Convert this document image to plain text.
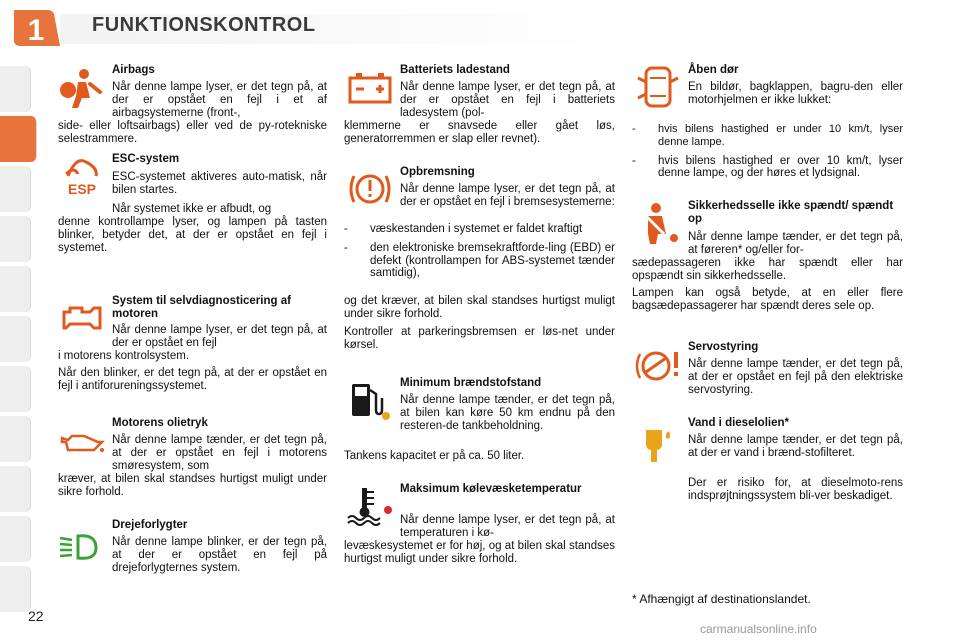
1 FUNKTIONSKONTROL
Airbags
Når denne lampe lyser, er det tegn på, at der er opstået en fejl i et af airbagsystemerne (front-,
side- eller loftsairbags) eller ved de py-rotekniske selestrammere.
ESP
ESC-system
ESC-systemet aktiveres auto-matisk, når bilen startes.
Når systemet ikke er afbudt, og
denne kontrollampe lyser, og lampen på tasten blinker, betyder det, at der er opstået en fejl i systemet.
System til selvdiagnosticering af motoren
Når denne lampe lyser, er det tegn på, at der er opstået en fejl
i motorens kontrolsystem.
Når den blinker, er det tegn på, at der er opstået en fejl i antiforureningssystemet.
Motorens olietryk
Når denne lampe tænder, er det tegn på, at der er opstået en fejl i motorens smøresystem, som
kræver, at bilen skal standses hurtigst muligt under sikre forhold.
Drejeforlygter
Når denne lampe blinker, er der tegn på, at der er opstået en fejl på drejeforlygternes system.
Batteriets ladestand
Når denne lampe lyser, er det tegn på, at der er opstået en fejl i batteriets ladesystem (pol-
klemmerne er snavsede eller gået løs, generatorremmen er slap eller revnet).
Opbremsning
Når denne lampe lyser, er det tegn på, at der er opstået en fejl i bremsesystemerne:
-	væskestanden i systemet er faldet kraftigt
-	den elektroniske bremsekraftforde-ling (EBD) er defekt (kontrollampen for ABS-systemet tænder samtidig),
og det kræver, at bilen skal standses hurtigst muligt under sikre forhold.
Kontroller at parkeringsbremsen er løs-net under kørsel.
Minimum brændstofstand
Når denne lampe tænder, er det tegn på, at bilen kan køre 50 km endnu på den resteren-de tankbeholdning.
Tankens kapacitet er på ca. 50 liter.
Maksimum kølevæsketemperatur
Når denne lampe lyser, er det tegn på, at temperaturen i kø-
levæskesystemet er for høj, og at bilen skal standses hurtigst muligt under sikre forhold.
Åben dør
En bildør, bagklappen, bagru-den eller motorhjelmen er ikke lukket:
-	hvis bilens hastighed er under 10 km/t, lyser denne lampe.
-	hvis bilens hastighed er over 10 km/t, lyser denne lampe, og der høres et lydsignal.
Sikkerhedsselle ikke spændt/ spændt op
Når denne lampe tænder, er det tegn på, at føreren* og/eller for-
sædepassageren ikke har spændt eller har opspændt sin sikkerhedsselle.
Lampen kan også betyde, at en eller flere bagsædepassagerer har spændt deres sele op.
Servostyring
Når denne lampe tænder, er det tegn på, at der er opstået en fejl på den elektriske servostyring.
Vand i dieselolien*
Når denne lampe tænder, er det tegn på, at der er vand i brænd-stofilteret.
Der er risiko for, at dieselmoto-rens indsprøjtningssystem bli-ver beskadiget.
* Afhængigt af destinationslandet.
22
carmanualsonline.info
